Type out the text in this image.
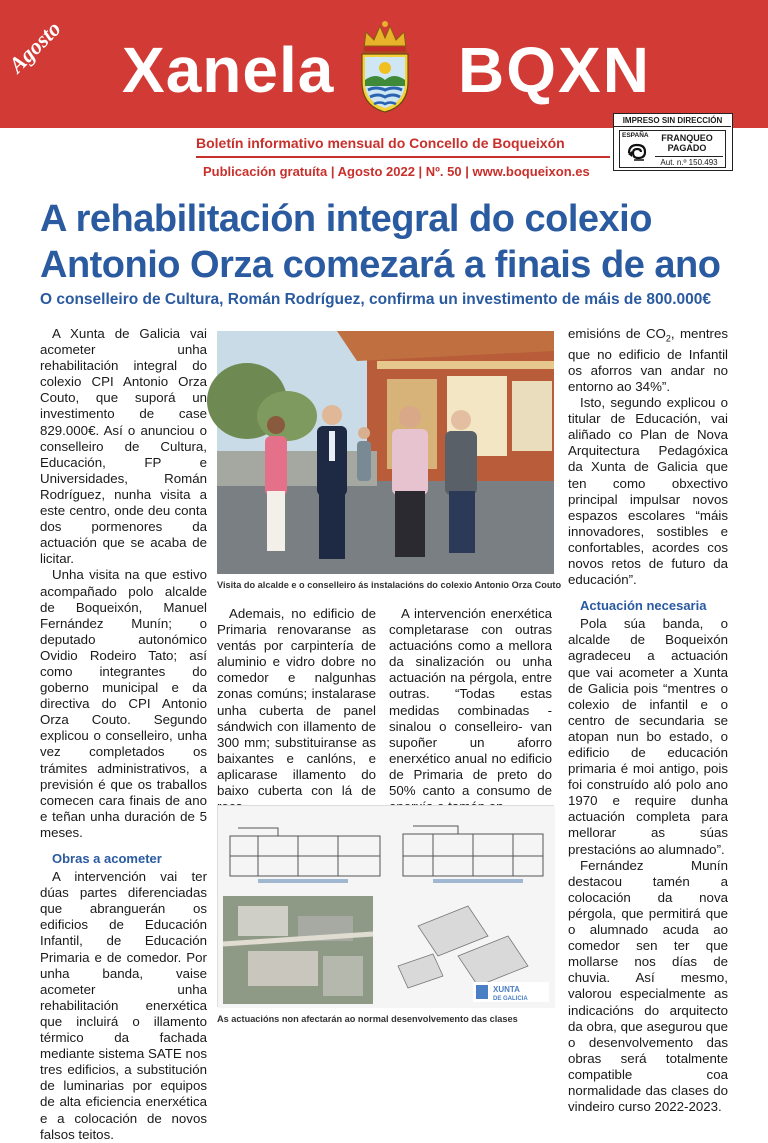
Agosto Xanela BQXN
Boletín informativo mensual do Concello de Boqueixón
Publicación gratuíta | Agosto 2022 | Nº. 50 | www.boqueixon.es
IMPRESO SIN DIRECCIÓN
ESPAÑA	FRANQUEO
PAGADO
Aut. n.º 150.493
A rehabilitación integral do colexio
Antonio Orza comezará a finais de ano
O conselleiro de Cultura, Román Rodríguez, confirma un investimento de máis de 800.000€

A Xunta de Galicia vai acometer unha rehabilitación integral do colexio CPI Antonio Orza Couto, que suporá un investimento de case 829.000€. Así o anunciou o conselleiro de Cultura, Educación, FP e Universidades, Román Rodríguez, nunha visita a este centro, onde deu conta dos pormenores da actuación que se acaba de licitar.

Unha visita na que estivo acompañado polo alcalde de Boqueixón, Manuel Fernández Munín; o deputado autonómico Ovidio Rodeiro Tato; así como integrantes do goberno municipal e da directiva do CPI Antonio Orza Couto. Segundo explicou o conselleiro, unha vez completados os trámites administrativos, a previsión é que os traballos comecen cara finais de ano e teñan unha duración de 5 meses.

Obras a acometer

A intervención vai ter dúas partes diferenciadas que abranguerán os edificios de Educación Infantil, de Educación Primaria e de comedor. Por unha banda, vaise acometer unha rehabilitación enerxética que incluirá o illamento térmico da fachada mediante sistema SATE nos tres edificios, a substitución de luminarias por equipos de alta eficiencia enerxética e a colocación de novos falsos teitos.

Visita do alcalde e o conselleiro ás instalacións do colexio Antonio Orza Couto

Ademais, no edificio de Primaria renovaranse as ventás por carpintería de aluminio e vidro dobre no comedor e nalgunhas zonas comúns; instalarase unha cuberta de panel sándwich con illamento de 300 mm; substituiranse as baixantes e canlóns, e aplicarase illamento do baixo cuberta con lá de

A intervención enerxética completarase con outras actuacións como a mellora da sinalización ou unha actuación na pérgola, entre outras. “Todas estas medidas combinadas -sinalou o conselleiro- van supoñer un aforro enerxético anual no edificio de Primaria de preto do 50% canto a consumo de

emisións de $CO_2$, mentres que no edificio de Infantil os aforros van andar no entorno ao 34%”.

Isto, segundo explicou o titular de Educación, vai aliñado co Plan de Nova Arquitectura Pedagóxica da Xunta de Galicia que ten como obxectivo principal impulsar novos espazos escolares “máis innovadores, sostibles e confortables, acordes cos novos retos de futuro da educación”.

Actuación necesaria

Pola súa banda, o alcalde de Boqueixón agradeceu a actuación que vai acometer a Xunta de Galicia pois “mentres o colexio de infantil e o centro de secundaria se atopan nun bo estado, o edificio de educación primaria é moi antigo, pois foi construído aló polo ano 1970 e require dunha actuación completa para mellorar as súas prestacións ao alumnado”.

Fernández Munín destacou tamén a colocación da nova pérgola, que permitirá que o alumnado acuda ao comedor sen ter que mollarse nos días de chuvia. Así mesmo, valorou especialmente as indicacións do arquitecto da obra, que asegurou que o desenvolvemento das obras será totalmente compatible coa normalidade das clases do vindeiro curso 2022-2023.

XUNTA
DE GALICIA
As actuacións non afectarán ao normal desenvolvemento das clases
